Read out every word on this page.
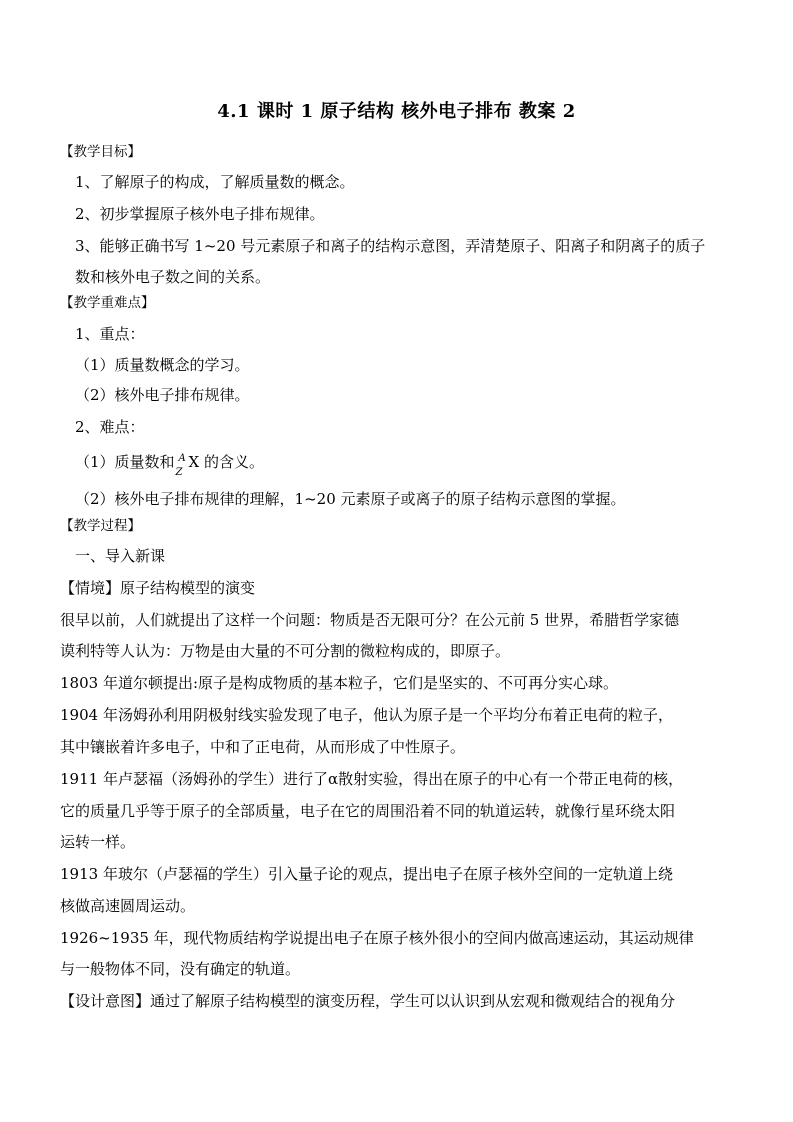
4.1 课时 1 原子结构 核外电子排布 教案 2
【教学目标】
1、了解原子的构成，了解质量数的概念。
2、初步掌握原子核外电子排布规律。
3、能够正确书写 1~20 号元素原子和离子的结构示意图，弄清楚原子、阳离子和阴离子的质子
数和核外电子数之间的关系。
【教学重难点】
1、重点：
（1）质量数概念的学习。
（2）核外电子排布规律。
2、难点：
（1）质量数和 A
Z
X 的含义。
（2）核外电子排布规律的理解，1~20 元素原子或离子的原子结构示意图的掌握。
【教学过程】
一、导入新课
【情境】原子结构模型的演变
很早以前，人们就提出了这样一个问题：物质是否无限可分？在公元前 5 世界，希腊哲学家德
谟利特等人认为：万物是由大量的不可分割的微粒构成的，即原子。
1803 年道尔顿提出:原子是构成物质的基本粒子，它们是坚实的、不可再分实心球。
1904 年汤姆孙利用阴极射线实验发现了电子，他认为原子是一个平均分布着正电荷的粒子，
其中镶嵌着许多电子，中和了正电荷，从而形成了中性原子。
1911 年卢瑟福（汤姆孙的学生）进行了α散射实验，得出在原子的中心有一个带正电荷的核，
它的质量几乎等于原子的全部质量，电子在它的周围沿着不同的轨道运转，就像行星环绕太阳
运转一样。
1913 年玻尔（卢瑟福的学生）引入量子论的观点，提出电子在原子核外空间的一定轨道上绕
核做高速圆周运动。
1926~1935 年，现代物质结构学说提出电子在原子核外很小的空间内做高速运动，其运动规律
与一般物体不同，没有确定的轨道。
【设计意图】通过了解原子结构模型的演变历程，学生可以认识到从宏观和微观结合的视角分
